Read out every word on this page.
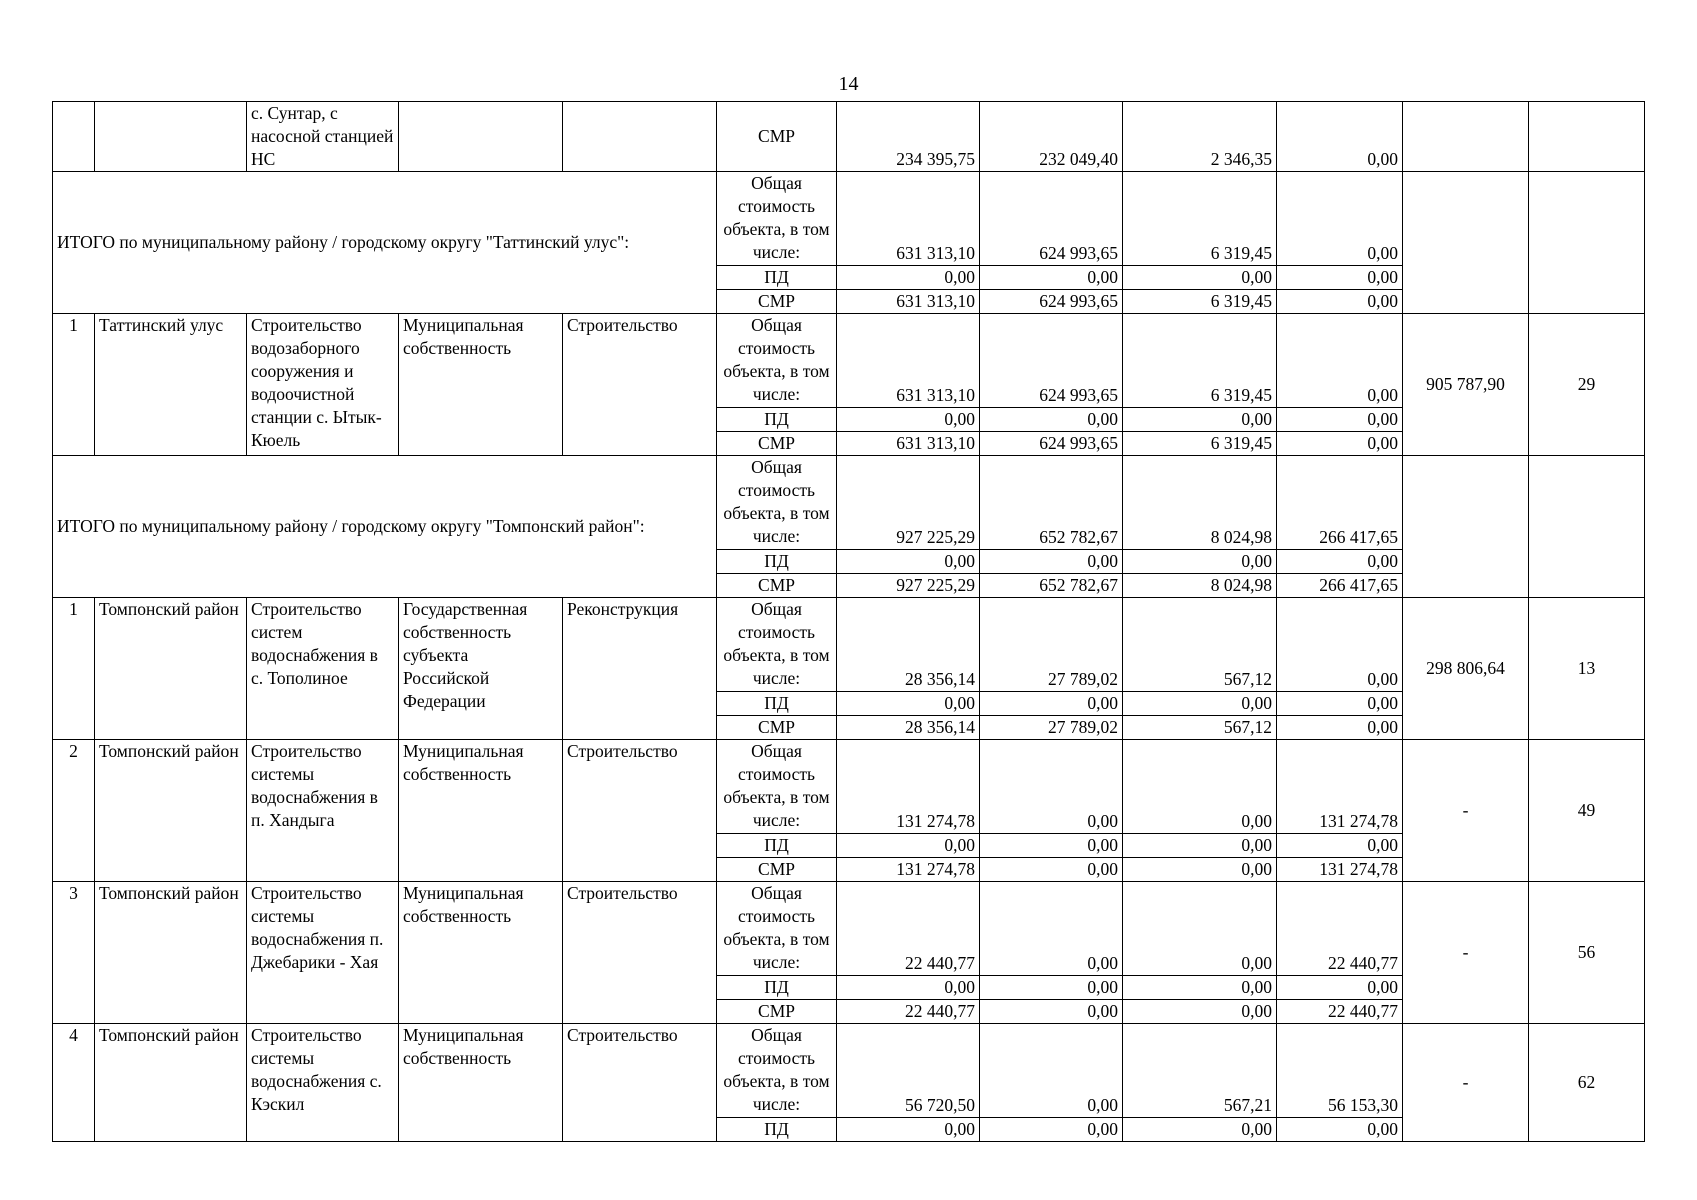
14
		с. Сунтар, с насосной станцией НС			СМР	234 395,75	232 049,40	2 346,35	0,00		
ИТОГО по муниципальному району / городскому округу "Таттинский улус":					Общая стоимость объекта, в том числе:	631 313,10	624 993,65	6 319,45	0,00		
					ПД	0,00	0,00	0,00	0,00		
					СМР	631 313,10	624 993,65	6 319,45	0,00		
1	Таттинский улус	Строительство водозаборного сооружения и водоочистной станции с. Ытык-Кюель	Муниципальная собственность	Строительство	Общая стоимость объекта, в том числе:	631 313,10	624 993,65	6 319,45	0,00	905 787,90	29
					ПД	0,00	0,00	0,00	0,00		
					СМР	631 313,10	624 993,65	6 319,45	0,00		
ИТОГО по муниципальному району / городскому округу "Томпонский район":					Общая стоимость объекта, в том числе:	927 225,29	652 782,67	8 024,98	266 417,65		
					ПД	0,00	0,00	0,00	0,00		
					СМР	927 225,29	652 782,67	8 024,98	266 417,65		
1	Томпонский район	Строительство систем водоснабжения в с. Тополиное	Государственная собственность субъекта Российской Федерации	Реконструкция	Общая стоимость объекта, в том числе:	28 356,14	27 789,02	567,12	0,00	298 806,64	13
					ПД	0,00	0,00	0,00	0,00		
					СМР	28 356,14	27 789,02	567,12	0,00		
2	Томпонский район	Строительство системы водоснабжения в п. Хандыга	Муниципальная собственность	Строительство	Общая стоимость объекта, в том числе:	131 274,78	0,00	0,00	131 274,78	-	49
					ПД	0,00	0,00	0,00	0,00		
					СМР	131 274,78	0,00	0,00	131 274,78		
3	Томпонский район	Строительство системы водоснабжения п. Джебарики - Хая	Муниципальная собственность	Строительство	Общая стоимость объекта, в том числе:	22 440,77	0,00	0,00	22 440,77	-	56
					ПД	0,00	0,00	0,00	0,00		
					СМР	22 440,77	0,00	0,00	22 440,77		
4	Томпонский район	Строительство системы водоснабжения с. Кэскил	Муниципальная собственность	Строительство	Общая стоимость объекта, в том числе:	56 720,50	0,00	567,21	56 153,30	-	62
					ПД	0,00	0,00	0,00	0,00		
